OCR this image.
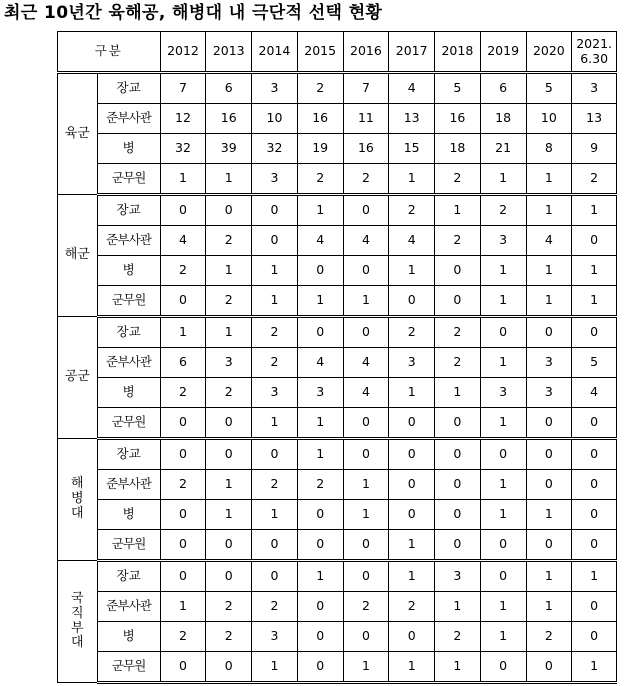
최근 10년간 육해공, 해병대 내 극단적 선택 현황
구분		2012	2013	2014	2015	2016	2017	2018	2019	2020	2021.
6.30

육군	장교	7	6	3	2	7	4	5	6	5	3
	준부사관	12	16	10	16	11	13	16	18	10	13
	병	32	39	32	19	16	15	18	21	8	9
	군무원	1	1	3	2	2	1	2	1	1	2
해군	장교	0	0	0	1	0	2	1	2	1	1
	준부사관	4	2	0	4	4	4	2	3	4	0
	병	2	1	1	0	0	1	0	1	1	1
	군무원	0	2	1	1	1	0	0	1	1	1
공군	장교	1	1	2	0	0	2	2	0	0	0
	준부사관	6	3	2	4	4	3	2	1	3	5
	병	2	2	3	3	4	1	1	3	3	4
	군무원	0	0	1	1	0	0	0	1	0	0

해
병
대	장교	0	0	0	1	0	0	0	0	0	0
	준부사관	2	1	2	2	1	0	0	1	0	0
	병	0	1	1	0	1	0	0	1	1	0
	군무원	0	0	0	0	0	1	0	0	0	0

국
직
부
대	장교	0	0	0	1	0	1	3	0	1	1
	준부사관	1	2	2	0	2	2	1	1	1	0
	병	2	2	3	0	0	0	2	1	2	0
	군무원	0	0	1	0	1	1	1	0	0	1
